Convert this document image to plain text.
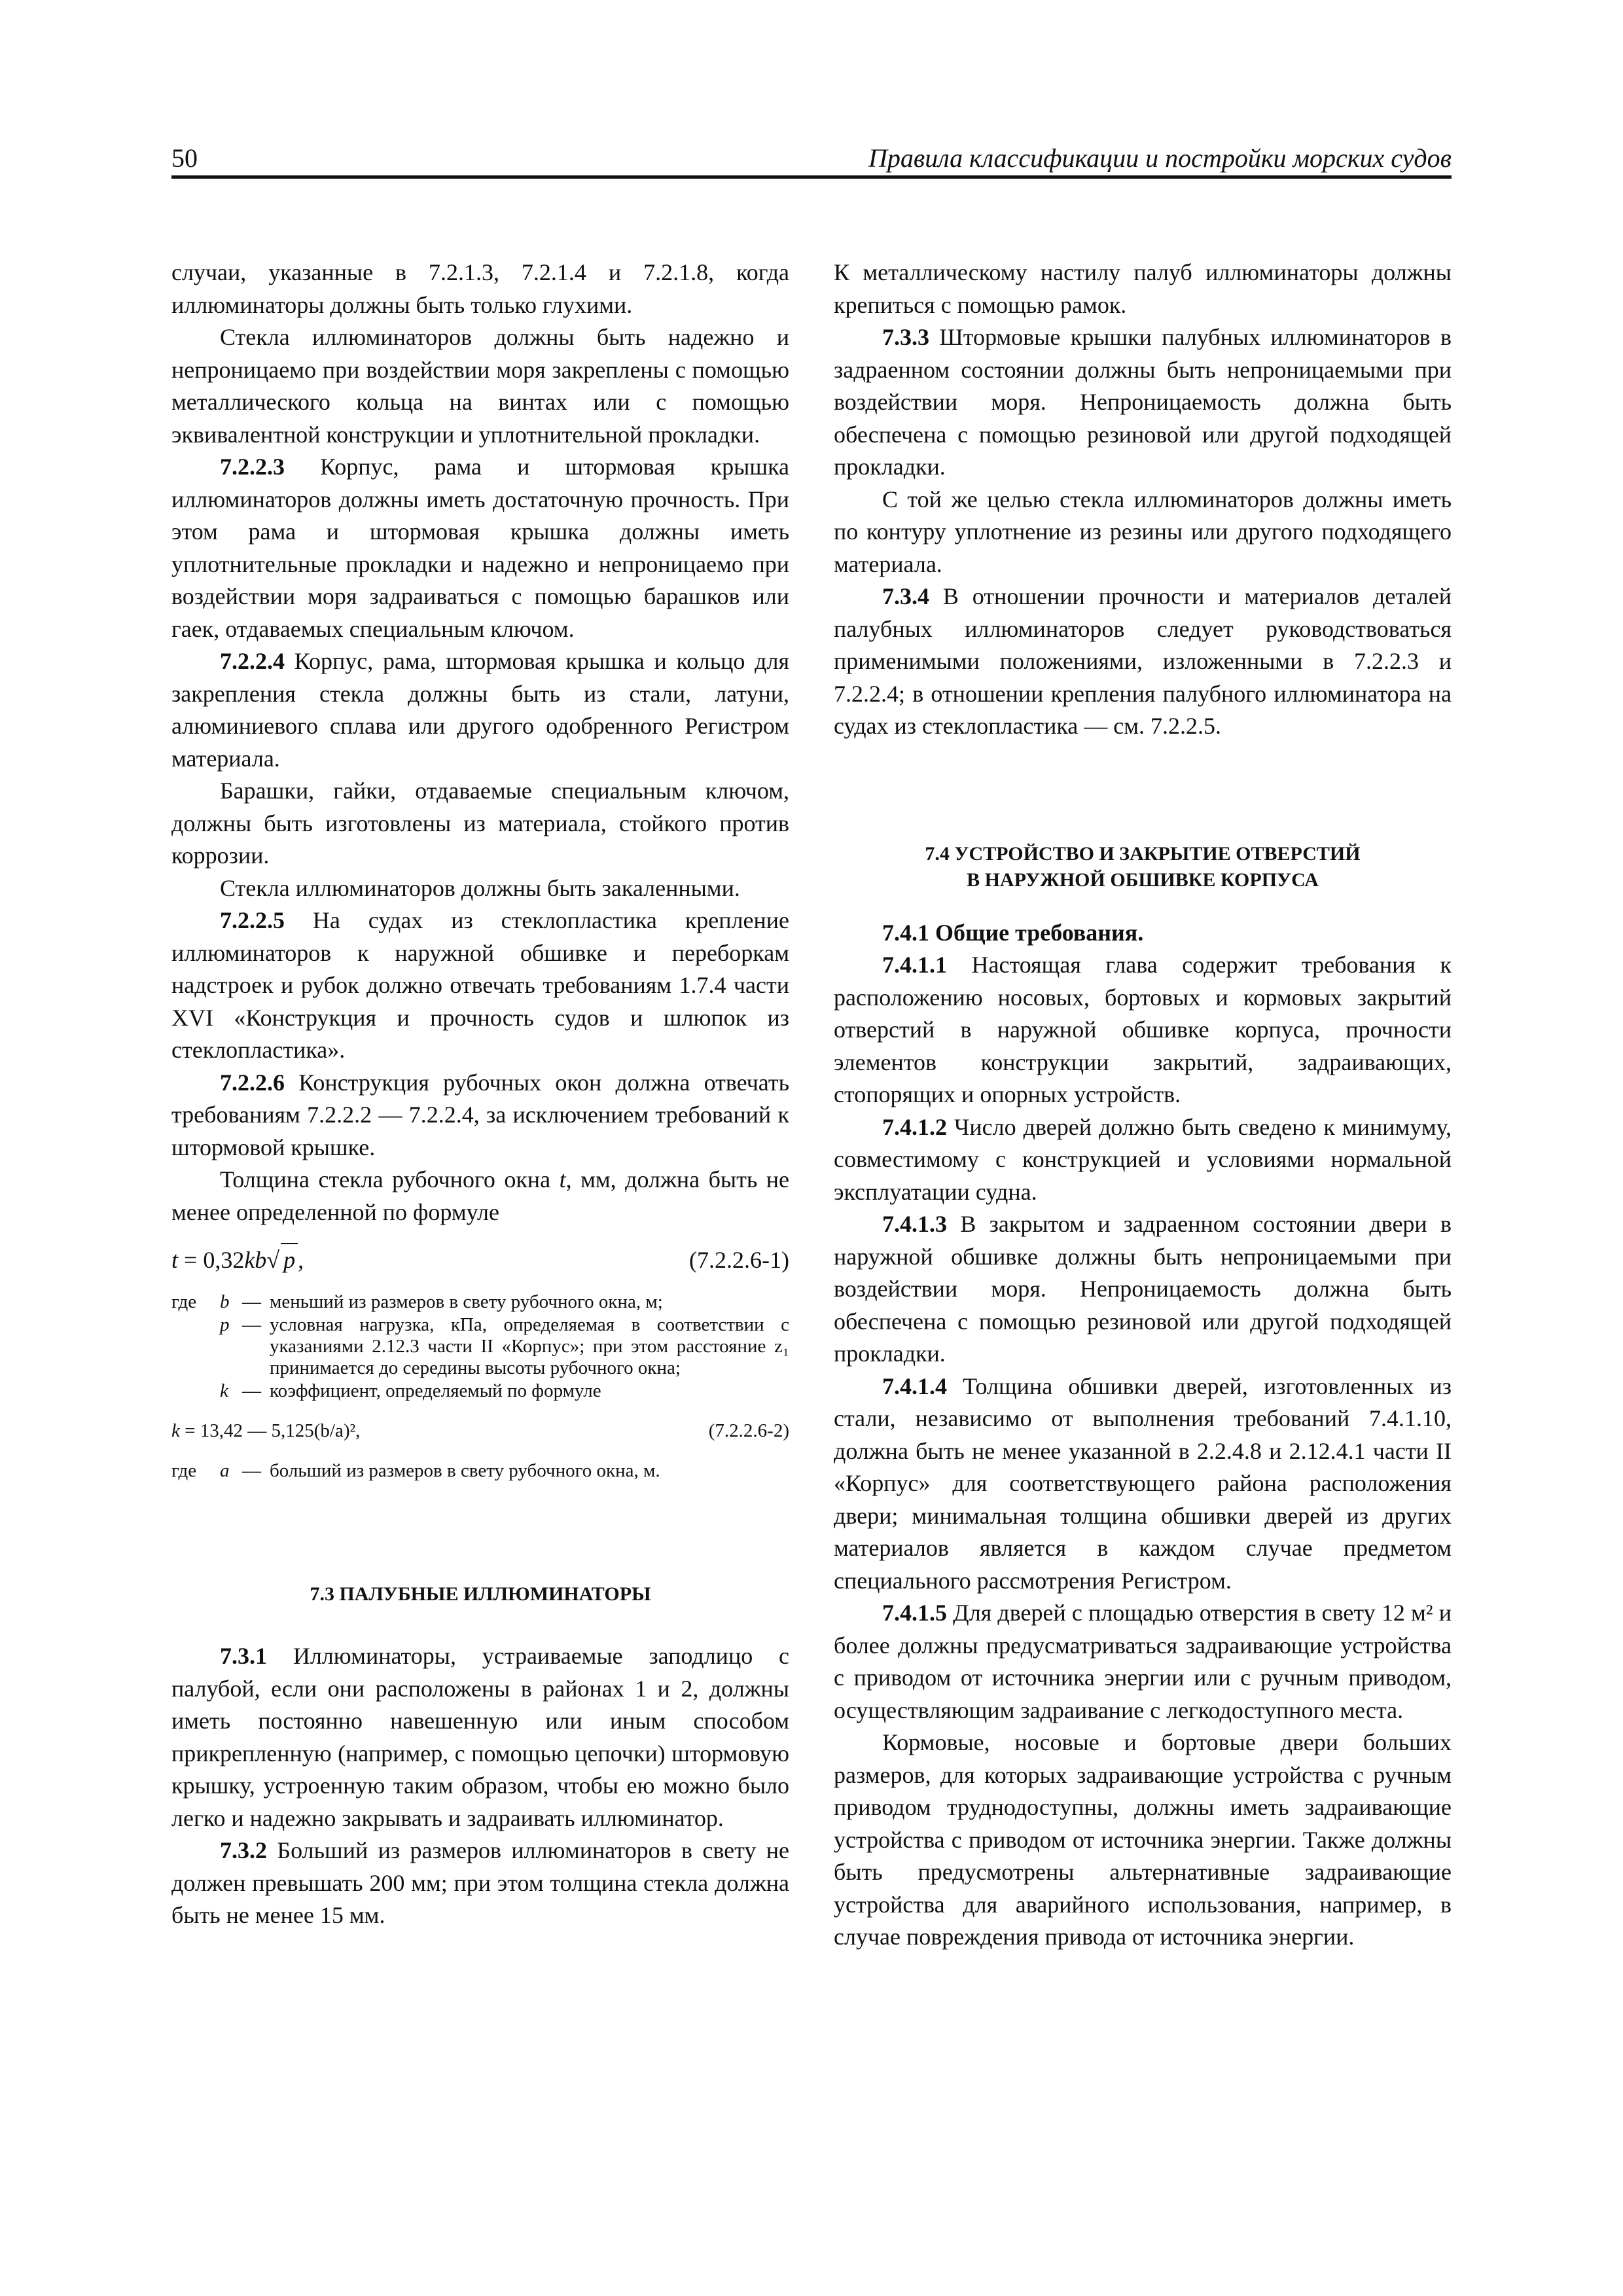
50	Правила классификации и постройки морских судов

случаи, указанные в 7.2.1.3, 7.2.1.4 и 7.2.1.8, когда иллюминаторы должны быть только глухими.

Стекла иллюминаторов должны быть надежно и непроницаемо при воздействии моря закреплены с помощью металлического кольца на винтах или с помощью эквивалентной конструкции и уплотнительной прокладки.

7.2.2.3 Корпус, рама и штормовая крышка иллюминаторов должны иметь достаточную прочность. При этом рама и штормовая крышка должны иметь уплотнительные прокладки и надежно и непроницаемо при воздействии моря задраиваться с помощью барашков или гаек, отдаваемых специальным ключом.

7.2.2.4 Корпус, рама, штормовая крышка и кольцо для закрепления стекла должны быть из стали, латуни, алюминиевого сплава или другого одобренного Регистром материала.

Барашки, гайки, отдаваемые специальным ключом, должны быть изготовлены из материала, стойкого против коррозии.

Стекла иллюминаторов должны быть закаленными.

7.2.2.5 На судах из стеклопластика крепление иллюминаторов к наружной обшивке и переборкам надстроек и рубок должно отвечать требованиям 1.7.4 части XVI «Конструкция и прочность судов и шлюпок из стеклопластика».

7.2.2.6 Конструкция рубочных окон должна отвечать требованиям 7.2.2.2 — 7.2.2.4, за исключением требований к штормовой крышке.

Толщина стекла рубочного окна t, мм, должна быть не менее определенной по формуле

t = 0,32kb√ p ,	(7.2.2.6-1)
где	b — меньший из размеров в свету рубочного окна, м;
p — условная нагрузка, кПа, определяемая в соответствии с указаниями 2.12.3 части II «Корпус»; при этом расстояние z₁ принимается до середины высоты рубочного окна;
k — коэффициент, определяемый по формуле
k = 13,42 — 5,125(b/a)²,	(7.2.2.6-2)
где	a — больший из размеров в свету рубочного окна, м.

7.3 ПАЛУБНЫЕ ИЛЛЮМИНАТОРЫ

7.3.1 Иллюминаторы, устраиваемые заподлицо с палубой, если они расположены в районах 1 и 2, должны иметь постоянно навешенную или иным способом прикрепленную (например, с помощью цепочки) штормовую крышку, устроенную таким образом, чтобы ею можно было легко и надежно закрывать и задраивать иллюминатор.

7.3.2 Больший из размеров иллюминаторов в свету не должен превышать 200 мм; при этом толщина стекла должна быть не менее 15 мм.

К металлическому настилу палуб иллюминаторы должны крепиться с помощью рамок.

7.3.3 Штормовые крышки палубных иллюминаторов в задраенном состоянии должны быть непроницаемыми при воздействии моря. Непроницаемость должна быть обеспечена с помощью резиновой или другой подходящей прокладки.

С той же целью стекла иллюминаторов должны иметь по контуру уплотнение из резины или другого подходящего материала.

7.3.4 В отношении прочности и материалов деталей палубных иллюминаторов следует руководствоваться применимыми положениями, изложенными в 7.2.2.3 и 7.2.2.4; в отношении крепления палубного иллюминатора на судах из стеклопластика — см. 7.2.2.5.

7.4 УСТРОЙСТВО И ЗАКРЫТИЕ ОТВЕРСТИЙ
В НАРУЖНОЙ ОБШИВКЕ КОРПУСА

7.4.1 Общие требования.

7.4.1.1 Настоящая глава содержит требования к расположению носовых, бортовых и кормовых закрытий отверстий в наружной обшивке корпуса, прочности элементов конструкции закрытий, задраивающих, стопорящих и опорных устройств.

7.4.1.2 Число дверей должно быть сведено к минимуму, совместимому с конструкцией и условиями нормальной эксплуатации судна.

7.4.1.3 В закрытом и задраенном состоянии двери в наружной обшивке должны быть непроницаемыми при воздействии моря. Непроницаемость должна быть обеспечена с помощью резиновой или другой подходящей прокладки.

7.4.1.4 Толщина обшивки дверей, изготовленных из стали, независимо от выполнения требований 7.4.1.10, должна быть не менее указанной в 2.2.4.8 и 2.12.4.1 части II «Корпус» для соответствующего района расположения двери; минимальная толщина обшивки дверей из других материалов является в каждом случае предметом специального рассмотрения Регистром.

7.4.1.5 Для дверей с площадью отверстия в свету 12 м² и более должны предусматриваться задраивающие устройства с приводом от источника энергии или с ручным приводом, осуществляющим задраивание с легкодоступного места.

Кормовые, носовые и бортовые двери больших размеров, для которых задраивающие устройства с ручным приводом труднодоступны, должны иметь задраивающие устройства с приводом от источника энергии. Также должны быть предусмотрены альтернативные задраивающие устройства для аварийного использования, например, в случае повреждения привода от источника энергии.
